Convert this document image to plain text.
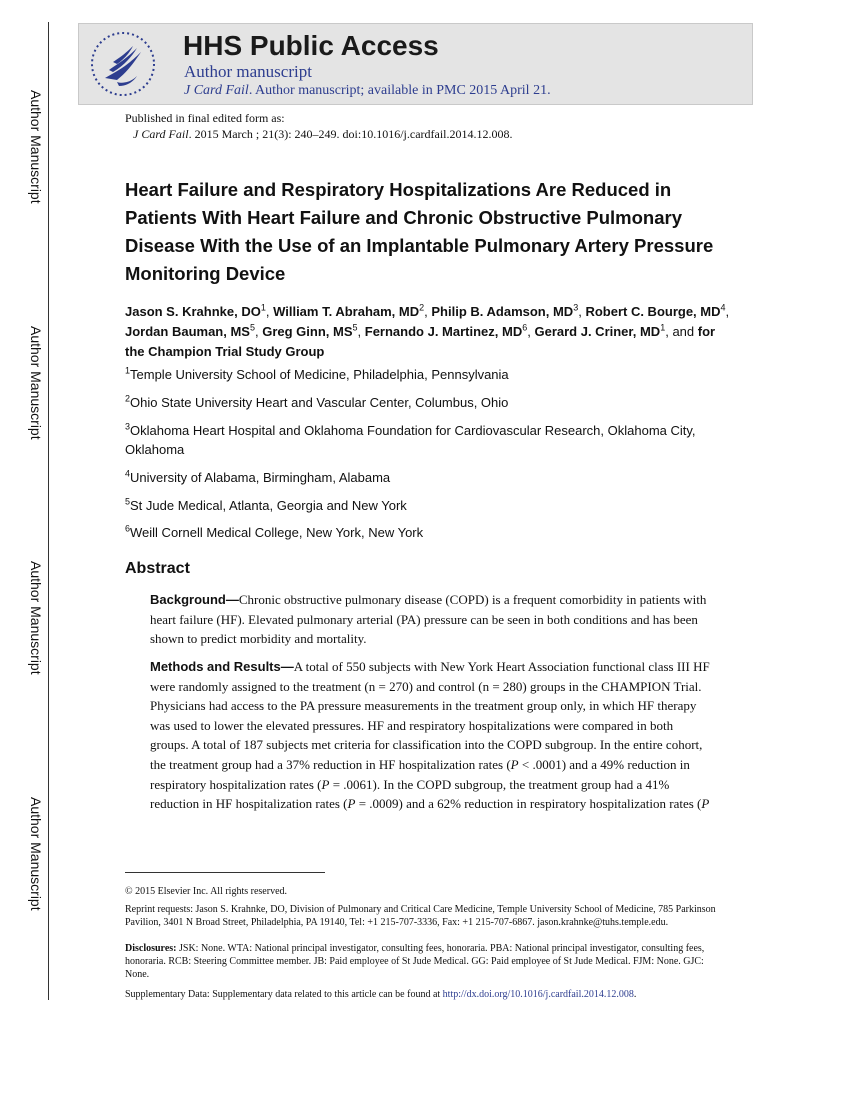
Author Manuscript
Author Manuscript
Author Manuscript
Author Manuscript
HHS Public Access
Author manuscript
J Card Fail. Author manuscript; available in PMC 2015 April 21.
Published in final edited form as:
J Card Fail. 2015 March ; 21(3): 240–249. doi:10.1016/j.cardfail.2014.12.008.
Heart Failure and Respiratory Hospitalizations Are Reduced in Patients With Heart Failure and Chronic Obstructive Pulmonary Disease With the Use of an Implantable Pulmonary Artery Pressure Monitoring Device
Jason S. Krahnke, $DO^1$, William T. Abraham, $MD^2$, Philip B. Adamson, $MD^3$, Robert C. Bourge, $MD^4$, Jordan Bauman, $MS^5$, Greg Ginn, $MS^5$, Fernando J. Martinez, $MD^6$, Gerard J. Criner, $MD^1$, and for the Champion Trial Study Group
$^1$Temple University School of Medicine, Philadelphia, Pennsylvania
$^2$Ohio State University Heart and Vascular Center, Columbus, Ohio
$^3$Oklahoma Heart Hospital and Oklahoma Foundation for Cardiovascular Research, Oklahoma City, Oklahoma
$^4$University of Alabama, Birmingham, Alabama
$^5$St Jude Medical, Atlanta, Georgia and New York
$^6$Weill Cornell Medical College, New York, New York
Abstract
Background—Chronic obstructive pulmonary disease (COPD) is a frequent comorbidity in patients with heart failure (HF). Elevated pulmonary arterial (PA) pressure can be seen in both conditions and has been shown to predict morbidity and mortality.
Methods and Results—A total of 550 subjects with New York Heart Association functional class III HF were randomly assigned to the treatment (n = 270) and control (n = 280) groups in the CHAMPION Trial. Physicians had access to the PA pressure measurements in the treatment group only, in which HF therapy was used to lower the elevated pressures. HF and respiratory hospitalizations were compared in both groups. A total of 187 subjects met criteria for classification into the COPD subgroup. In the entire cohort, the treatment group had a 37% reduction in HF hospitalization rates (P < .0001) and a 49% reduction in respiratory hospitalization rates (P = .0061). In the COPD subgroup, the treatment group had a 41% reduction in HF hospitalization rates (P = .0009) and a 62% reduction in respiratory hospitalization rates (P
© 2015 Elsevier Inc. All rights reserved.
Reprint requests: Jason S. Krahnke, DO, Division of Pulmonary and Critical Care Medicine, Temple University School of Medicine, 785 Parkinson Pavilion, 3401 N Broad Street, Philadelphia, PA 19140, Tel: +1 215-707-3336, Fax: +1 215-707-6867. jason.krahnke@tuhs.temple.edu.
Disclosures: JSK: None. WTA: National principal investigator, consulting fees, honoraria. PBA: National principal investigator, consulting fees, honoraria. RCB: Steering Committee member. JB: Paid employee of St Jude Medical. GG: Paid employee of St Jude Medical. FJM: None. GJC: None.
Supplementary Data: Supplementary data related to this article can be found at http://dx.doi.org/10.1016/j.cardfail.2014.12.008.
